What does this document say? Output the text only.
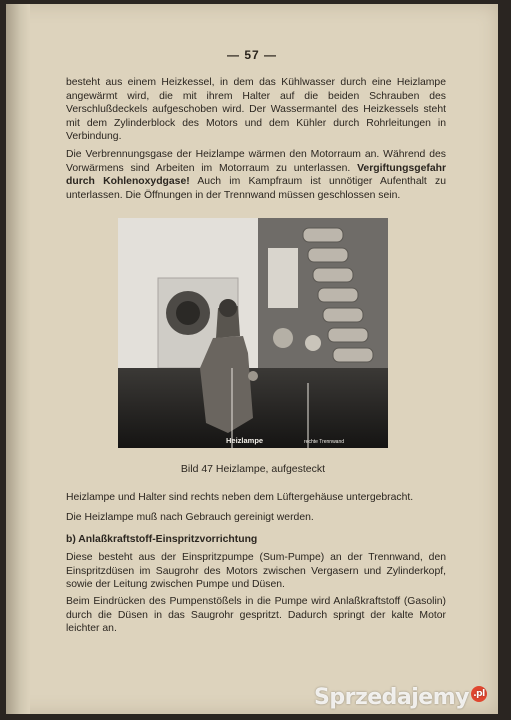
— 57 —

besteht aus einem Heizkessel, in dem das Kühlwasser durch eine Heizlampe angewärmt wird, die mit ihrem Halter auf die beiden Schrauben des Verschlußdeckels aufgeschoben wird. Der Wassermantel des Heizkessels steht mit dem Zylinderblock des Motors und dem Kühler durch Rohrleitungen in Verbindung.

Die Verbrennungsgase der Heizlampe wärmen den Motorraum an. Während des Vorwärmens sind Arbeiten im Motorraum zu unterlassen. Vergiftungsgefahr durch Kohlenoxydgase! Auch im Kampfraum ist unnötiger Aufenthalt zu unterlassen. Die Öffnungen in der Trennwand müssen geschlossen sein.

Heizlampe	rechte Trennwand
Bild 47 Heizlampe, aufgesteckt

Heizlampe und Halter sind rechts neben dem Lüftergehäuse untergebracht.

Die Heizlampe muß nach Gebrauch gereinigt werden.

b) Anlaßkraftstoff-Einspritzvorrichtung

Diese besteht aus der Einspritzpumpe (Sum-Pumpe) an der Trennwand, den Einspritzdüsen im Saugrohr des Motors zwischen Vergasern und Zylinderkopf, sowie der Leitung zwischen Pumpe und Düsen.

Beim Eindrücken des Pumpenstößels in die Pumpe wird Anlaßkraftstoff (Gasolin) durch die Düsen in das Saugrohr gespritzt. Dadurch springt der kalte Motor leichter an.

Sprzedajemy .pl
